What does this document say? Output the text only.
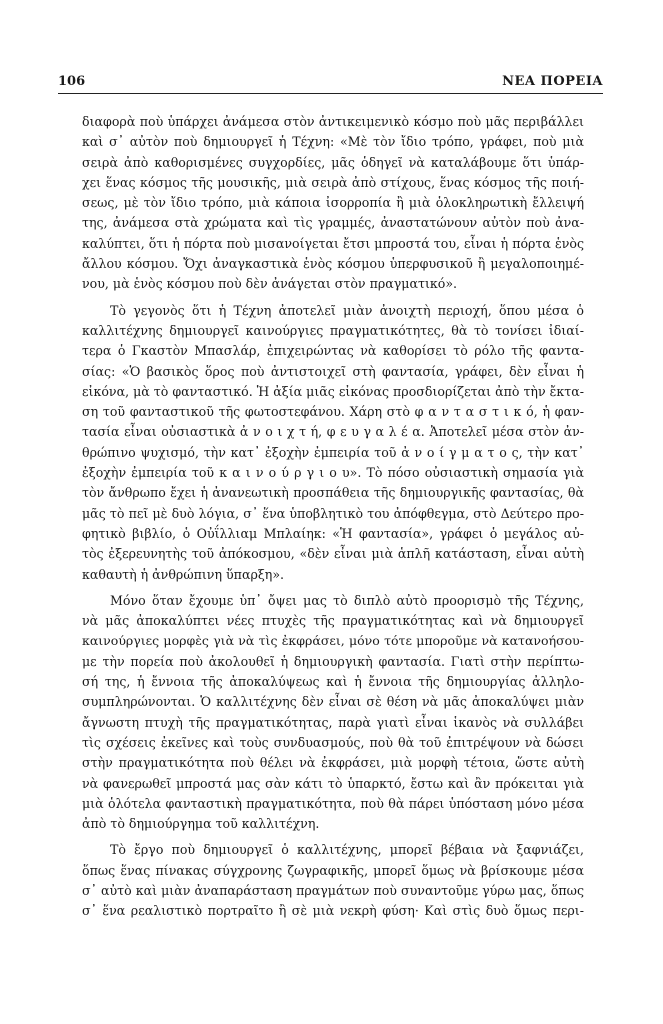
106	ΝΕΑ ΠΟΡΕΙΑ
διαφορὰ ποὺ ὑπάρχει ἀνάμεσα στὸν ἀντικειμενικὸ κόσμο ποὺ μᾶς περιβάλλει
καὶ σ᾽ αὐτὸν ποὺ δημιουργεῖ ἡ Τέχνη: «Μὲ τὸν ἴδιο τρόπο, γράφει, ποὺ μιὰ
σειρὰ ἀπὸ καθορισμένες συγχορδίες, μᾶς ὁδηγεῖ νὰ καταλάβουμε ὅτι ὑπάρ-
χει ἕνας κόσμος τῆς μουσικῆς, μιὰ σειρὰ ἀπὸ στίχους, ἕνας κόσμος τῆς ποιή-
σεως, μὲ τὸν ἴδιο τρόπο, μιὰ κάποια ἰσορροπία ἢ μιὰ ὁλοκληρωτικὴ ἔλλειψή
της, ἀνάμεσα στὰ χρώματα καὶ τὶς γραμμές, ἀναστατώνουν αὐτὸν ποὺ ἀνα-
καλύπτει, ὅτι ἡ πόρτα ποὺ μισανοίγεται ἔτσι μπροστά του, εἶναι ἡ πόρτα ἑνὸς
ἄλλου κόσμου. Ὄχι ἀναγκαστικὰ ἑνὸς κόσμου ὑπερφυσικοῦ ἢ μεγαλοποιημέ-
νου, μὰ ἑνὸς κόσμου ποὺ δὲν ἀνάγεται στὸν πραγματικό».
Τὸ γεγονὸς ὅτι ἡ Τέχνη ἀποτελεῖ μιὰν ἀνοιχτὴ περιοχή, ὅπου μέσα ὁ
καλλιτέχνης δημιουργεῖ καινούργιες πραγματικότητες, θὰ τὸ τονίσει ἰδιαί-
τερα ὁ Γκαστὸν Μπασλάρ, ἐπιχειρώντας νὰ καθορίσει τὸ ρόλο τῆς φαντα-
σίας: «Ὁ βασικὸς ὅρος ποὺ ἀντιστοιχεῖ στὴ φαντασία, γράφει, δὲν εἶναι ἡ
εἰκόνα, μὰ τὸ φανταστικό. Ἡ ἀξία μιᾶς εἰκόνας προσδιορίζεται ἀπὸ τὴν ἔκτα-
ση τοῦ φανταστικοῦ τῆς φωτοστεφάνου. Χάρη στὸ φ α ν τ α σ τ ι κ ό, ἡ φαν-
τασία εἶναι οὐσιαστικὰ ἀ ν ο ι χ τ ή, φ ε υ γ α λ έ α. Ἀποτελεῖ μέσα στὸν ἀν-
θρώπινο ψυχισμό, τὴν κατ᾽ ἐξοχὴν ἐμπειρία τοῦ ἀ ν ο ί γ μ α τ ο ς, τὴν κατ᾽
ἐξοχὴν ἐμπειρία τοῦ κ α ι ν ο ύ ρ γ ι ο υ». Τὸ πόσο οὐσιαστικὴ σημασία γιὰ
τὸν ἄνθρωπο ἔχει ἡ ἀνανεωτικὴ προσπάθεια τῆς δημιουργικῆς φαντασίας, θὰ
μᾶς τὸ πεῖ μὲ δυὸ λόγια, σ᾽ ἕνα ὑποβλητικὸ του ἀπόφθεγμα, στὸ Δεύτερο προ-
φητικὸ βιβλίο, ὁ Οὐΐλλιαμ Μπλαίηκ: «Ἡ φαντασία», γράφει ὁ μεγάλος αὐ-
τὸς ἐξερευνητὴς τοῦ ἀπόκοσμου, «δὲν εἶναι μιὰ ἁπλῆ κατάσταση, εἶναι αὐτὴ
καθαυτὴ ἡ ἀνθρώπινη ὕπαρξη».
Μόνο ὅταν ἔχουμε ὑπ᾽ ὄψει μας τὸ διπλὸ αὐτὸ προορισμὸ τῆς Τέχνης,
νὰ μᾶς ἀποκαλύπτει νέες πτυχὲς τῆς πραγματικότητας καὶ νὰ δημιουργεῖ
καινούργιες μορφὲς γιὰ νὰ τὶς ἐκφράσει, μόνο τότε μποροῦμε νὰ κατανοήσου-
με τὴν πορεία ποὺ ἀκολουθεῖ ἡ δημιουργικὴ φαντασία. Γιατὶ στὴν περίπτω-
σή της, ἡ ἔννοια τῆς ἀποκαλύψεως καὶ ἡ ἔννοια τῆς δημιουργίας ἀλληλο-
συμπληρώνονται. Ὁ καλλιτέχνης δὲν εἶναι σὲ θέση νὰ μᾶς ἀποκαλύψει μιὰν
ἄγνωστη πτυχὴ τῆς πραγματικότητας, παρὰ γιατὶ εἶναι ἱκανὸς νὰ συλλάβει
τὶς σχέσεις ἐκεῖνες καὶ τοὺς συνδυασμούς, ποὺ θὰ τοῦ ἐπιτρέψουν νὰ δώσει
στὴν πραγματικότητα ποὺ θέλει νὰ ἐκφράσει, μιὰ μορφὴ τέτοια, ὥστε αὐτὴ
νὰ φανερωθεῖ μπροστά μας σὰν κάτι τὸ ὑπαρκτό, ἔστω καὶ ἂν πρόκειται γιὰ
μιὰ ὁλότελα φανταστικὴ πραγματικότητα, ποὺ θὰ πάρει ὑπόσταση μόνο μέσα
ἀπὸ τὸ δημιούργημα τοῦ καλλιτέχνη.
Τὸ ἔργο ποὺ δημιουργεῖ ὁ καλλιτέχνης, μπορεῖ βέβαια νὰ ξαφνιάζει,
ὅπως ἕνας πίνακας σύγχρονης ζωγραφικῆς, μπορεῖ ὅμως νὰ βρίσκουμε μέσα
σ᾽ αὐτὸ καὶ μιὰν ἀναπαράσταση πραγμάτων ποὺ συναντοῦμε γύρω μας, ὅπως
σ᾽ ἕνα ρεαλιστικὸ πορτραῖτο ἢ σὲ μιὰ νεκρὴ φύση· Καὶ στὶς δυὸ ὅμως περι-
